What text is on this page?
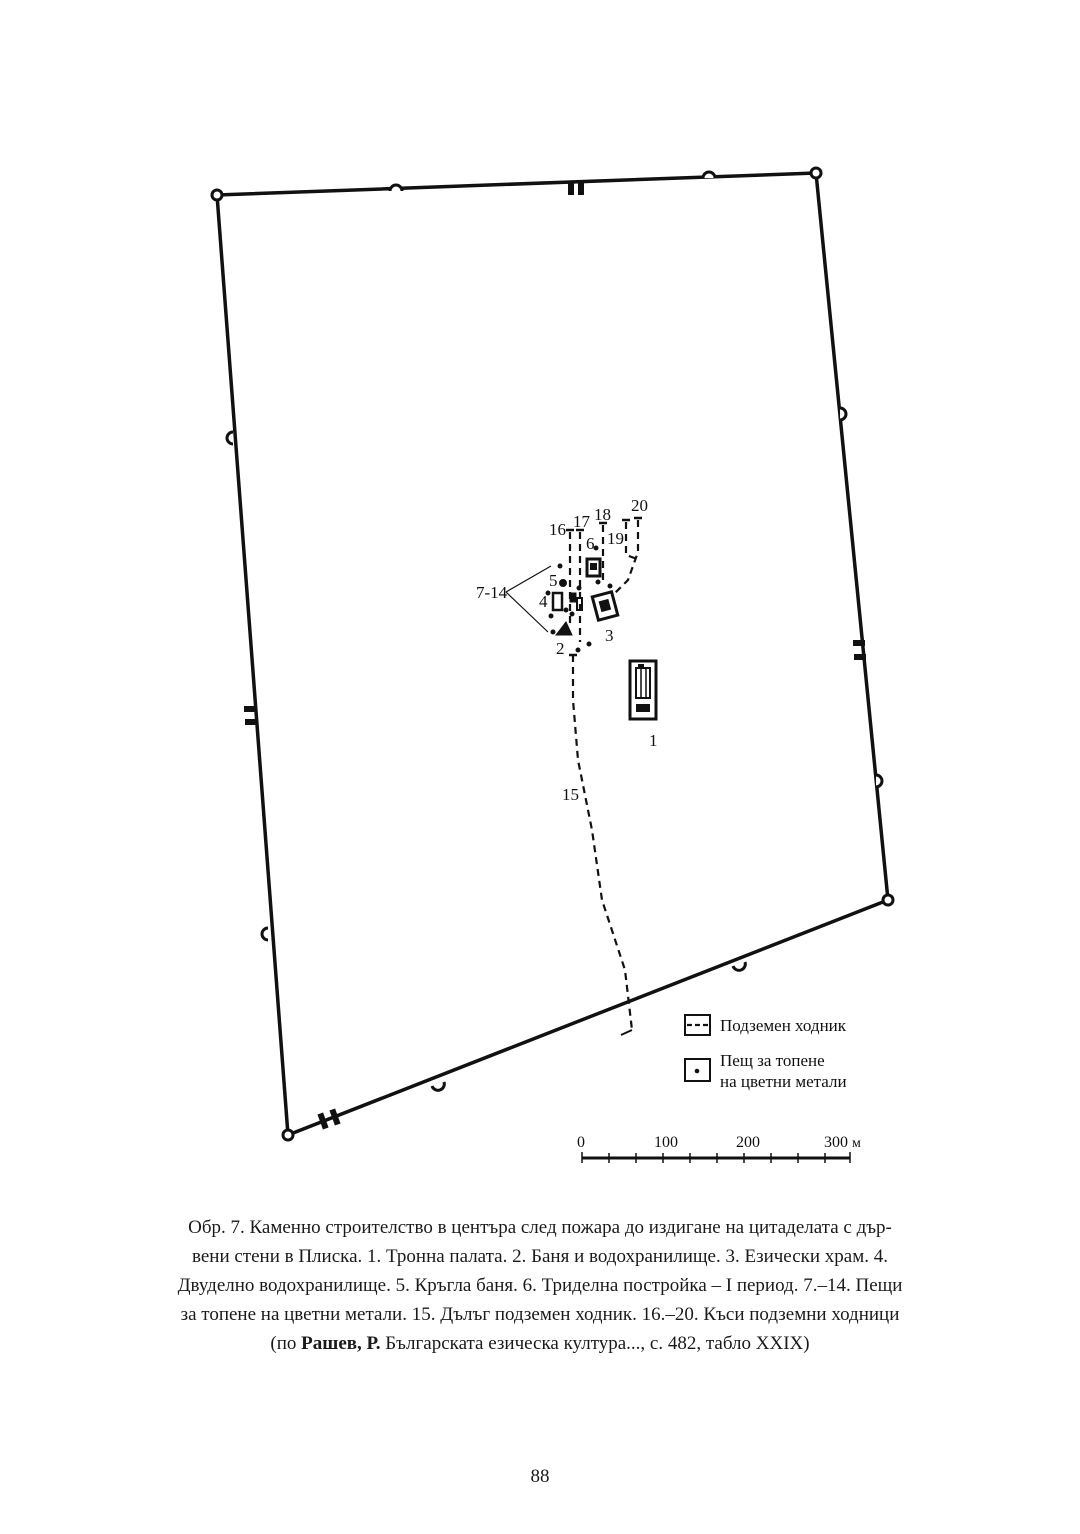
1
2
3
4
5
6
7-14
15
16 17 18
19
20
Подземен ходник
Пещ за топене
на цветни метали
0	100	200	300 м
Обр. 7. Каменно строителство в центъра след пожара до издигане на цитаделата с дър-
вени стени в Плиска. 1. Тронна палата. 2. Баня и водохранилище. 3. Езически храм. 4.
Двуделно водохранилище. 5. Кръгла баня. 6. Триделна постройка – I период. 7.–14. Пещи
за топене на цветни метали. 15. Дълъг подземен ходник. 16.–20. Къси подземни ходници
(по Рашев, Р. Българската езическа култура..., с. 482, табло XXIX)
88
